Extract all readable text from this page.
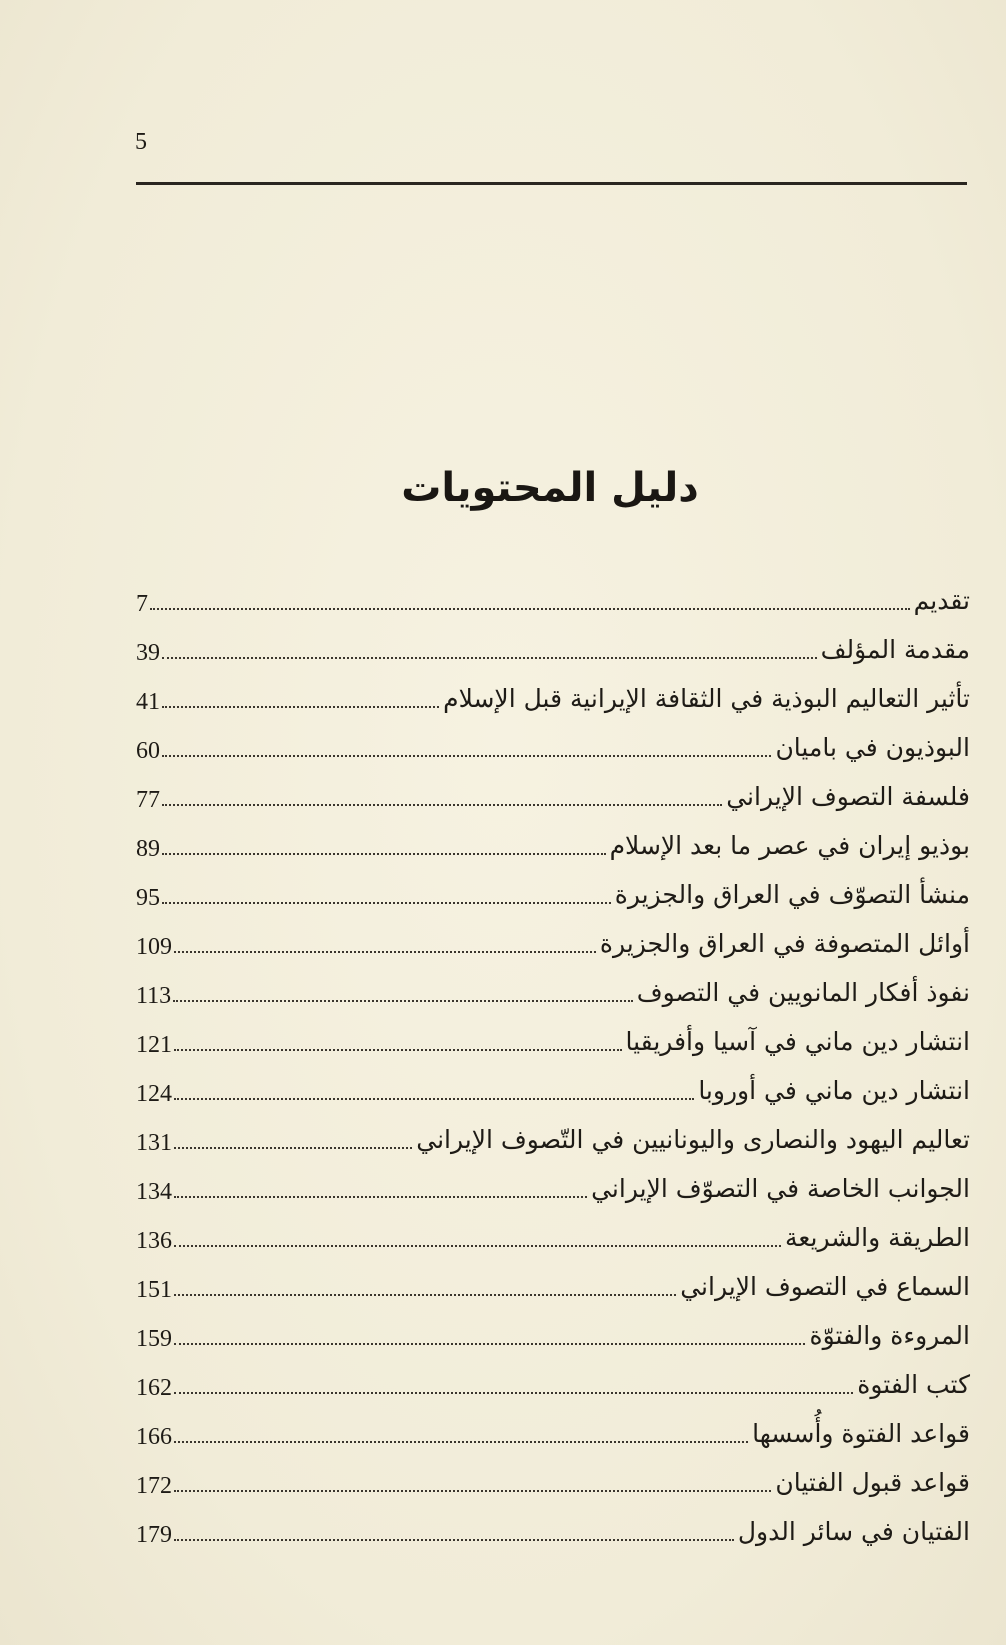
5
دليل المحتويات
7	تقديم
39	مقدمة المؤلف
41	تأثير التعاليم البوذية في الثقافة الإيرانية قبل الإسلام
60	البوذيون في باميان
77	فلسفة التصوف الإيراني
89	بوذيو إيران في عصر ما بعد الإسلام
95	منشأ التصوّف في العراق والجزيرة
109	أوائل المتصوفة في العراق والجزيرة
113	نفوذ أفكار المانويين في التصوف
121	انتشار دين ماني في آسيا وأفريقيا
124	انتشار دين ماني في أوروبا
131	تعاليم اليهود والنصارى واليونانيين في التّصوف الإيراني
134	الجوانب الخاصة في التصوّف الإيراني
136	الطريقة والشريعة
151	السماع في التصوف الإيراني
159	المروءة والفتوّة
162	كتب الفتوة
166	قواعد الفتوة وأُسسها
172	قواعد قبول الفتيان
179	الفتيان في سائر الدول
